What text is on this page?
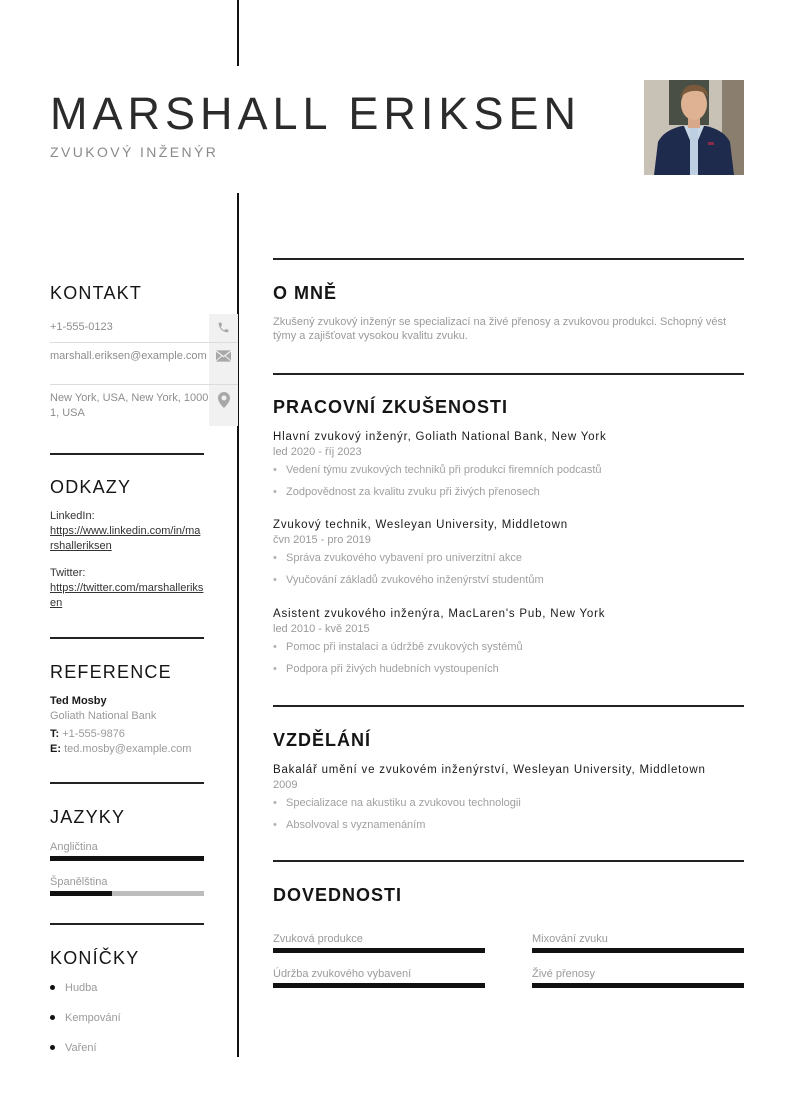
MARSHALL ERIKSEN
ZVUKOVÝ INŽENÝR
KONTAKT
+1-555-0123
marshall.eriksen@example.com
New York, USA, New York, 10001, USA
ODKAZY
LinkedIn:
https://www.linkedin.com/in/marshalleriksen
Twitter:
https://twitter.com/marshalleriksen
REFERENCE
Ted Mosby
Goliath National Bank
T: +1-555-9876
E: ted.mosby@example.com
JAZYKY
Angličtina
Španělština
KONÍČKY
Hudba
Kempování
Vaření
O MNĚ

Zkušený zvukový inženýr se specializací na živé přenosy a zvukovou produkci. Schopný vést týmy a zajišťovat vysokou kvalitu zvuku.

PRACOVNÍ ZKUŠENOSTI
Hlavní zvukový inženýr, Goliath National Bank, New York
led 2020 - říj 2023
• Vedení týmu zvukových techniků při produkci firemních podcastů
• Zodpovědnost za kvalitu zvuku při živých přenosech
Zvukový technik, Wesleyan University, Middletown
čvn 2015 - pro 2019
• Správa zvukového vybavení pro univerzitní akce
• Vyučování základů zvukového inženýrství studentům
Asistent zvukového inženýra, MacLaren's Pub, New York
led 2010 - kvě 2015
• Pomoc při instalaci a údržbě zvukových systémů
• Podpora při živých hudebních vystoupeních
VZDĚLÁNÍ
Bakalář umění ve zvukovém inženýrství, Wesleyan University, Middletown
2009
• Specializace na akustiku a zvukovou technologii
• Absolvoval s vyznamenáním
DOVEDNOSTI
Zvuková produkce	Mixování zvuku
Údržba zvukového vybavení	Živé přenosy
